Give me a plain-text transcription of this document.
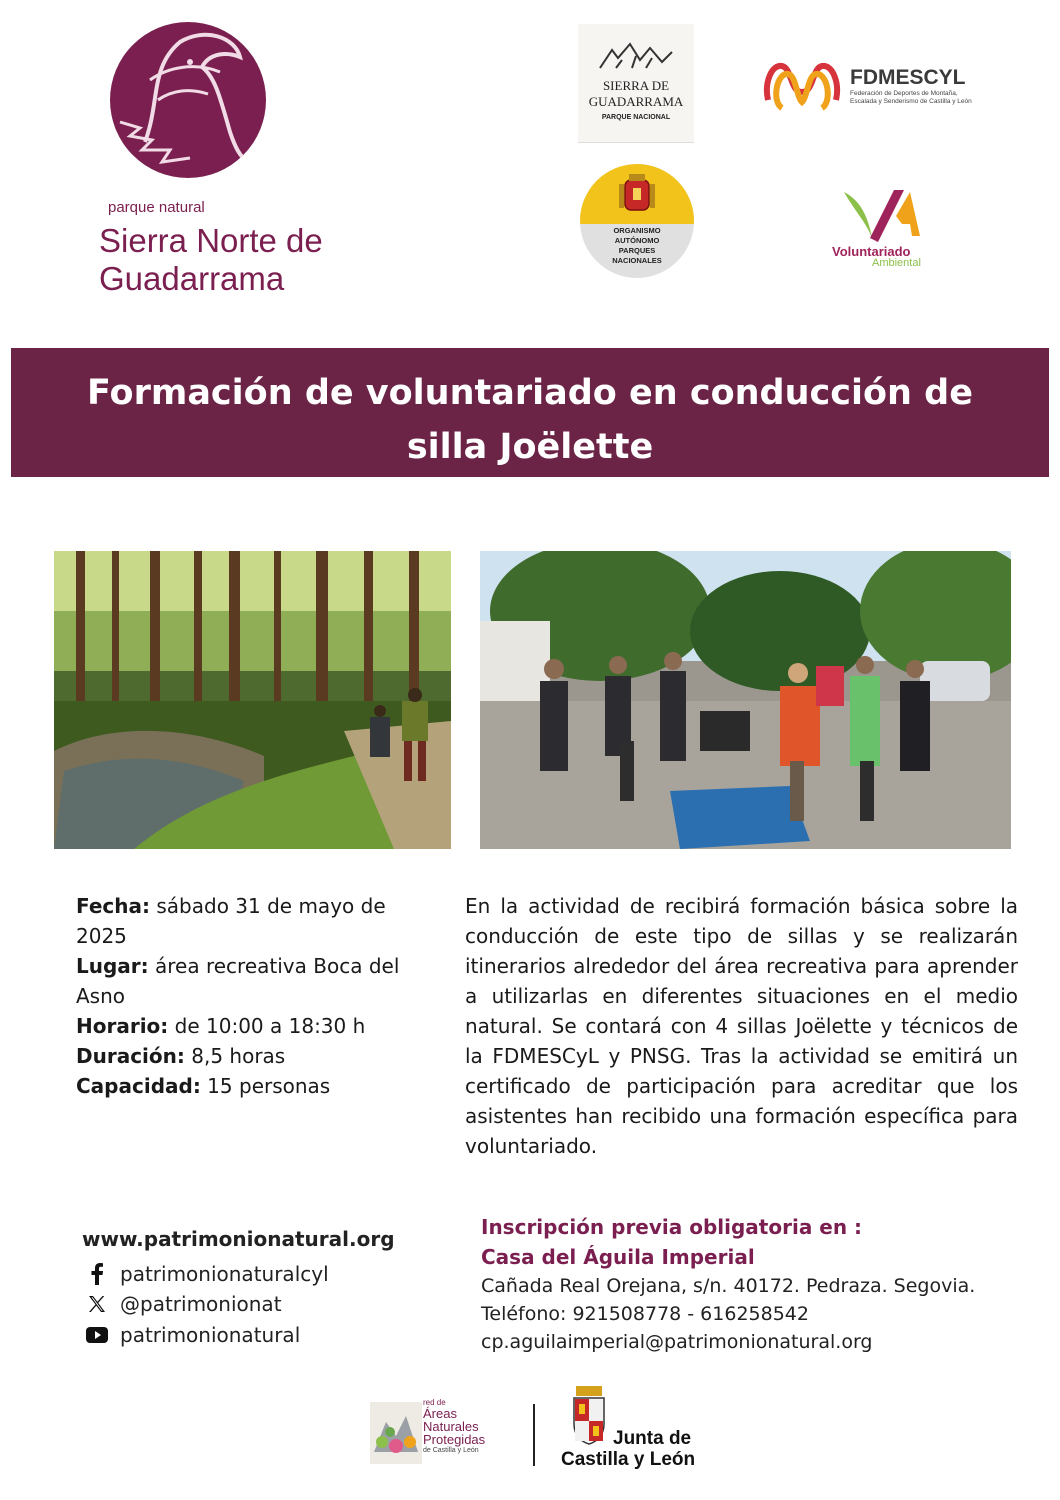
parque natural
Sierra Norte de
Guadarrama
SIERRA DE
GUADARRAMA
PARQUE NACIONAL
FDMESCYL
Federación de Deportes de Montaña,
Escalada y Senderismo de Castilla y León
ORGANISMO
AUTÓNOMO
PARQUES
NACIONALES
Voluntariado
Ambiental
Formación de voluntariado en conducción de silla Joëlette
Fecha: sábado 31 de mayo de 2025
Lugar: área recreativa Boca del Asno
Horario: de 10:00 a 18:30 h
Duración: 8,5 horas
Capacidad: 15 personas
En la actividad de recibirá formación básica sobre la conducción de este tipo de sillas y se realizarán itinerarios alrededor del área recreativa para aprender a utilizarlas en diferentes situaciones en el medio natural. Se contará con 4 sillas Joëlette y técnicos de la FDMESCyL y PNSG. Tras la actividad se emitirá un certificado de participación para acreditar que los asistentes han recibido una formación específica para voluntariado.
www.patrimonionatural.org
patrimonionaturalcyl
@patrimonionat
patrimonionatural
Inscripción previa obligatoria en :
Casa del Águila Imperial
Cañada Real Orejana, s/n. 40172. Pedraza. Segovia.
Teléfono: 921508778 - 616258542
cp.aguilaimperial@patrimonionatural.org
red de
Áreas
Naturales
Protegidas
de Castilla y León
Junta de
Castilla y León
